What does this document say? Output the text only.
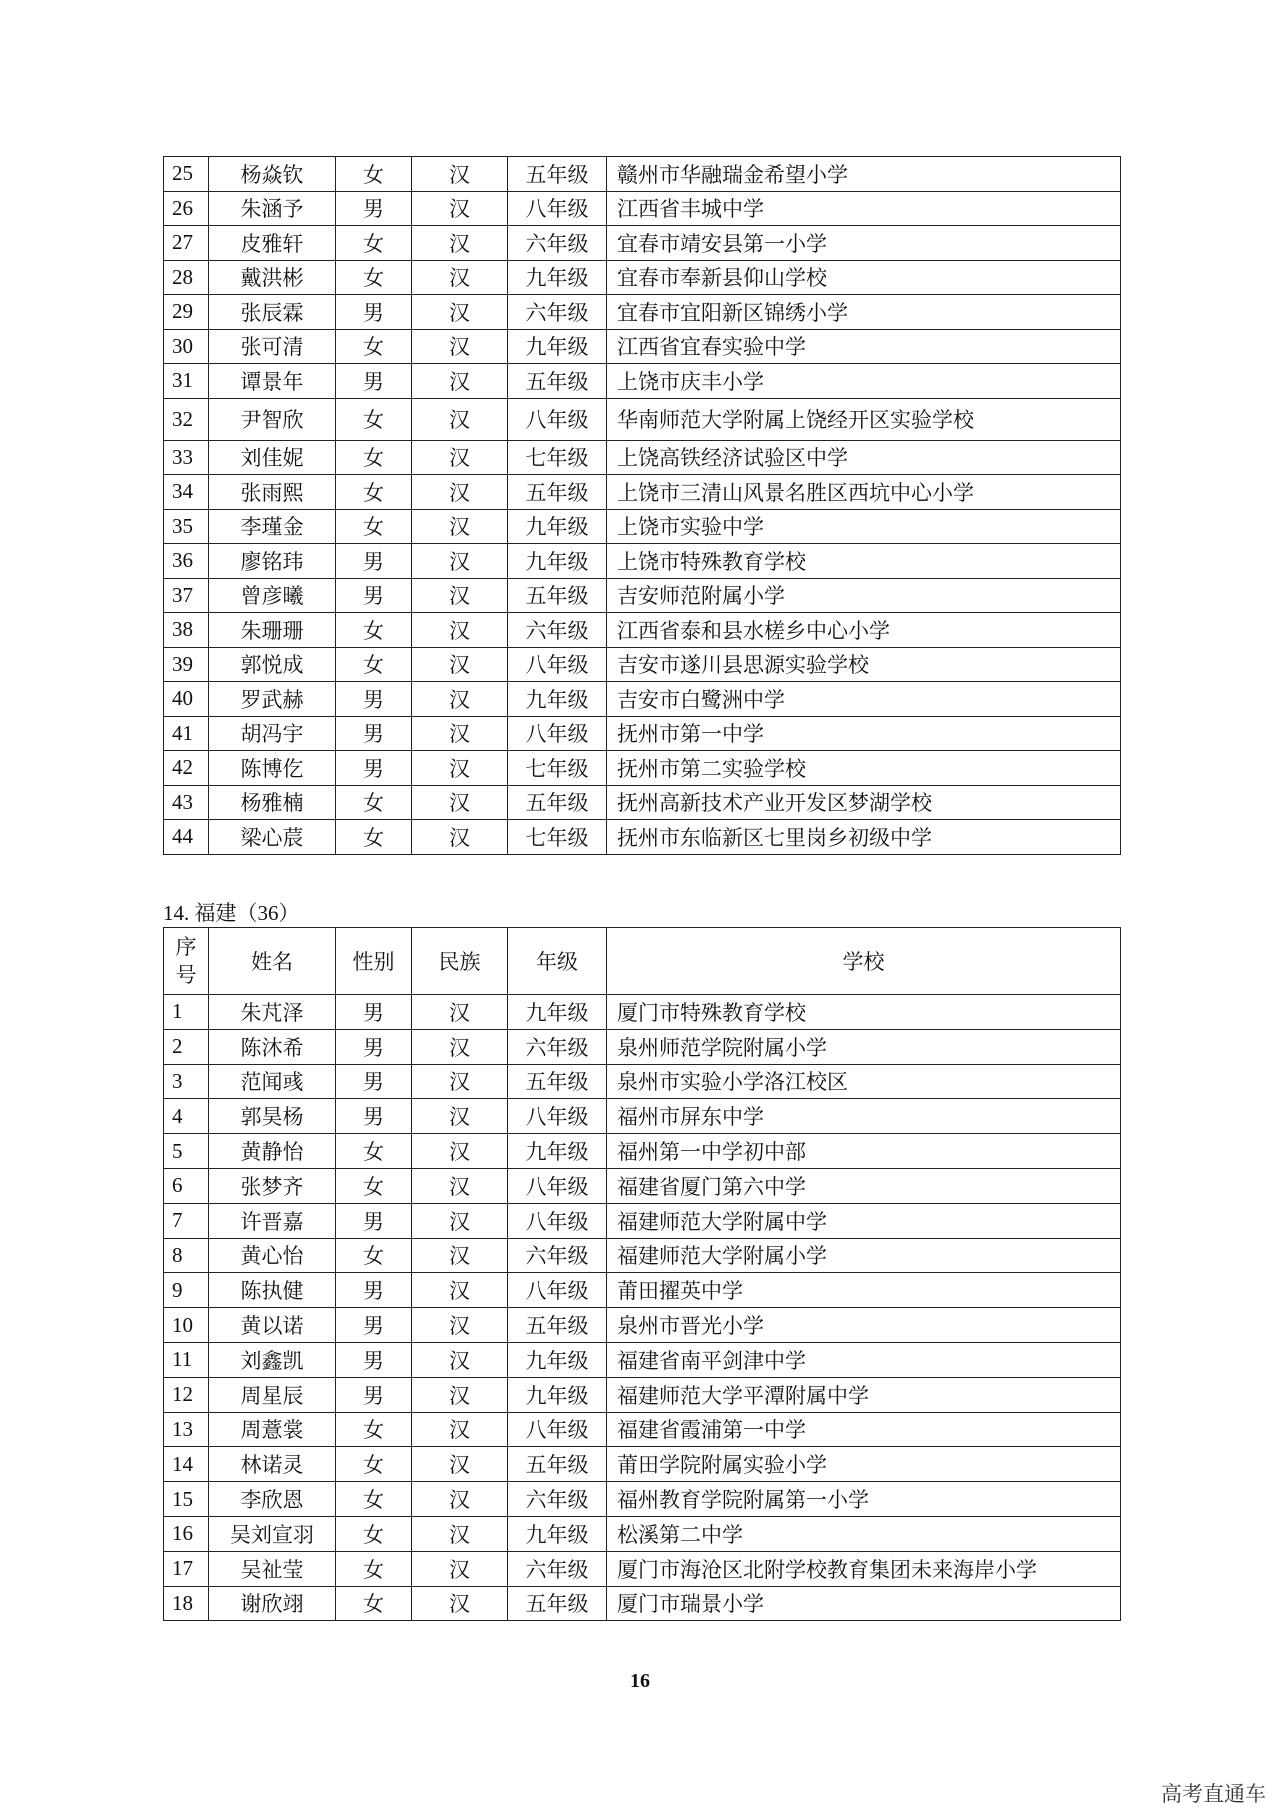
25	杨焱钦	女	汉	五年级	赣州市华融瑞金希望小学
26	朱涵予	男	汉	八年级	江西省丰城中学
27	皮雅轩	女	汉	六年级	宜春市靖安县第一小学
28	戴洪彬	女	汉	九年级	宜春市奉新县仰山学校
29	张辰霖	男	汉	六年级	宜春市宜阳新区锦绣小学
30	张可清	女	汉	九年级	江西省宜春实验中学
31	谭景年	男	汉	五年级	上饶市庆丰小学
32	尹智欣	女	汉	八年级	华南师范大学附属上饶经开区实验学校
33	刘佳妮	女	汉	七年级	上饶高铁经济试验区中学
34	张雨熙	女	汉	五年级	上饶市三清山风景名胜区西坑中心小学
35	李瑾金	女	汉	九年级	上饶市实验中学
36	廖铭玮	男	汉	九年级	上饶市特殊教育学校
37	曾彦曦	男	汉	五年级	吉安师范附属小学
38	朱珊珊	女	汉	六年级	江西省泰和县水槎乡中心小学
39	郭悦成	女	汉	八年级	吉安市遂川县思源实验学校
40	罗武赫	男	汉	九年级	吉安市白鹭洲中学
41	胡冯宇	男	汉	八年级	抚州市第一中学
42	陈博仡	男	汉	七年级	抚州市第二实验学校
43	杨雅楠	女	汉	五年级	抚州高新技术产业开发区梦湖学校
44	梁心莀	女	汉	七年级	抚州市东临新区七里岗乡初级中学
14. 福建（36）
序
号	姓名	性别	民族	年级	学校
1	朱芃泽	男	汉	九年级	厦门市特殊教育学校
2	陈沐希	男	汉	六年级	泉州师范学院附属小学
3	范闻彧	男	汉	五年级	泉州市实验小学洛江校区
4	郭昊杨	男	汉	八年级	福州市屏东中学
5	黄静怡	女	汉	九年级	福州第一中学初中部
6	张梦齐	女	汉	八年级	福建省厦门第六中学
7	许晋嘉	男	汉	八年级	福建师范大学附属中学
8	黄心怡	女	汉	六年级	福建师范大学附属小学
9	陈执健	男	汉	八年级	莆田擢英中学
10	黄以诺	男	汉	五年级	泉州市晋光小学
11	刘鑫凯	男	汉	九年级	福建省南平剑津中学
12	周星辰	男	汉	九年级	福建师范大学平潭附属中学
13	周薏裳	女	汉	八年级	福建省霞浦第一中学
14	林诺灵	女	汉	五年级	莆田学院附属实验小学
15	李欣恩	女	汉	六年级	福州教育学院附属第一小学
16	吴刘宣羽	女	汉	九年级	松溪第二中学
17	吴祉莹	女	汉	六年级	厦门市海沧区北附学校教育集团未来海岸小学
18	谢欣翊	女	汉	五年级	厦门市瑞景小学
16
高考直通车
